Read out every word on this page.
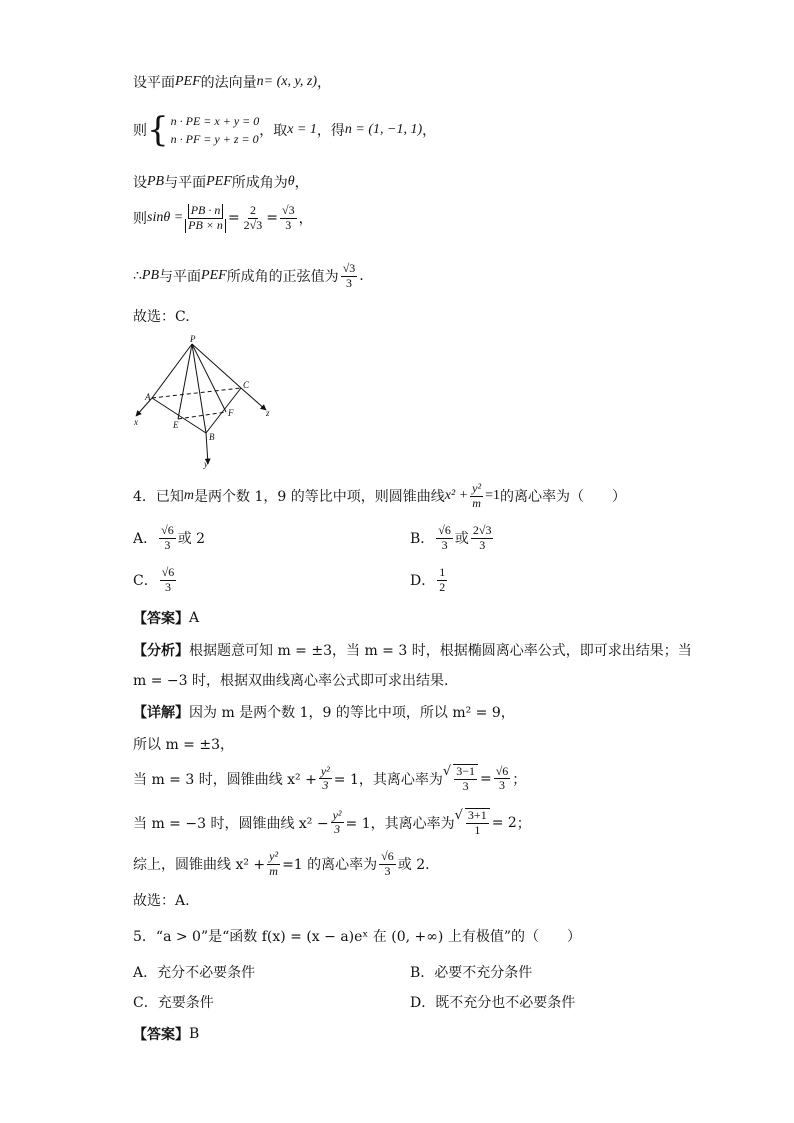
设平面 PEF 的法向量 n = (x, y, z) ，
则 { n · PE = x + y = 0
n · PF = y + z = 0 ，取 x = 1 ，得 n = (1, −1, 1) ，
设 PB 与平面 PEF 所成角为 θ ，
则 $\sin\theta = \frac{PB \cdot n}{PB \times n} = \frac{2}{2√3} = \frac{√3}{3}$ ，
∴ PB 与平面 PEF 所成角的正弦值为 $\frac{√3}{3}$ .
故选：C.
P
A
C
E
F
B
x
y
z
4．已知 m 是两个数 1，9 的等比中项，则圆锥曲线 $x^2 + \frac{\text{y²}}{m} =1$ 的离心率为（　　）
A． $\frac{√6}{3}$ 或 2	B． $\frac{√6}{3}$ 或 $\frac{2√3}{3}$
C． $\frac{√6}{3}$	D． $\frac{1}{2}$
【答案】 A
【分析】 根据题意可知 m = ±3，当 m = 3 时，根据椭圆离心率公式，即可求出结果；当
m = −3 时，根据双曲线离心率公式即可求出结果.
【详解】 因为 m 是两个数 1，9 的等比中项，所以 m² = 9，
所以 m = ±3，
当 m = 3 时，圆锥曲线 $x^2 + \frac{\text{y²}}{3} = 1$，其离心率为
√ $\frac{3-1}{3} = \frac{√6}{3}$ ；
当 m = −3 时，圆锥曲线 $x^2 - \frac{\text{y²}}{3} = 1$，其离心率为
√ $\frac{3+1}{1} = 2$ ；
综上，圆锥曲线 $x^2 + \frac{\text{y²}}{m} =1$ 的离心率为 $\frac{√6}{3}$ 或 2.
故选：A.
5．“a > 0”是“函数 f(x) = (x − a)eˣ 在 (0, +∞) 上有极值”的（　　）
A．充分不必要条件	B．必要不充分条件
C．充要条件	D．既不充分也不必要条件
【答案】 B
